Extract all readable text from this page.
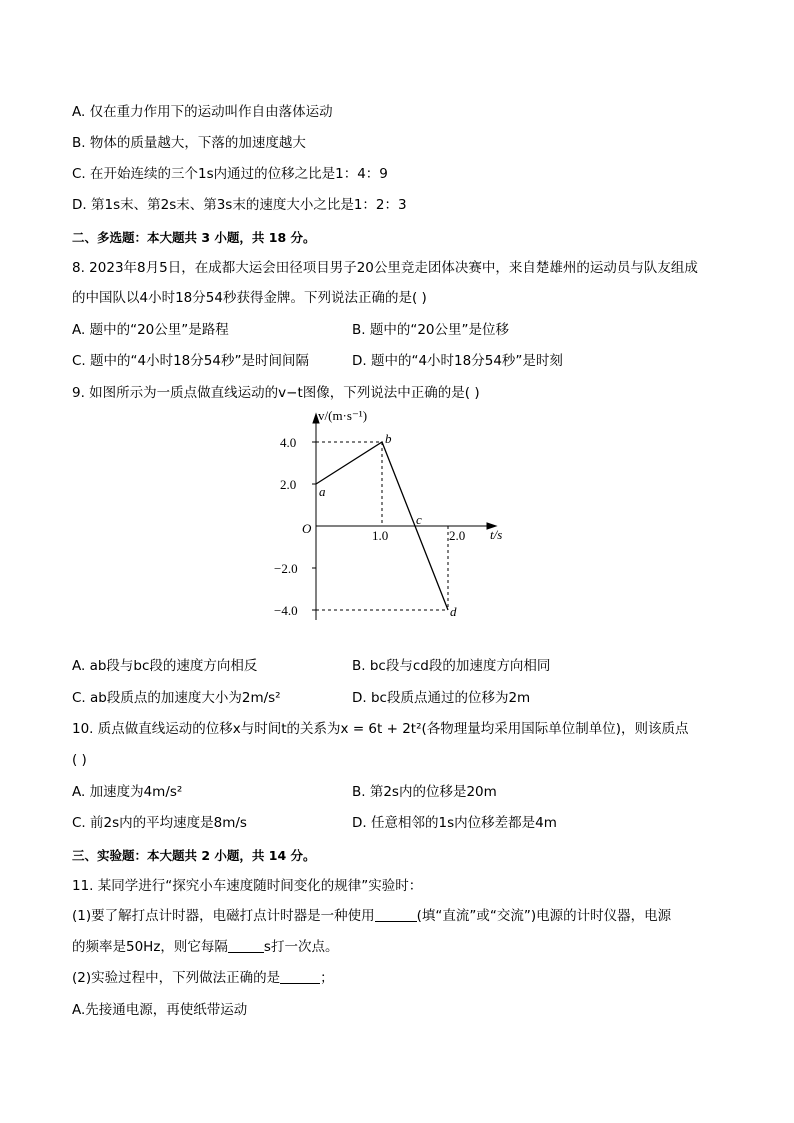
A. 仅在重力作用下的运动叫作自由落体运动
B. 物体的质量越大，下落的加速度越大
C. 在开始连续的三个1s内通过的位移之比是1：4：9
D. 第1s末、第2s末、第3s末的速度大小之比是1：2：3
二、多选题：本大题共 3 小题，共 18 分。
8. 2023年8月5日，在成都大运会田径项目男子20公里竞走团体决赛中，来自楚雄州的运动员与队友组成
的中国队以4小时18分54秒获得金牌。下列说法正确的是( )
A. 题中的“20公里”是路程	B. 题中的“20公里”是位移
C. 题中的“4小时18分54秒”是时间间隔	D. 题中的“4小时18分54秒”是时刻
9. 如图所示为一质点做直线运动的v−t图像，下列说法中正确的是( )
v/(m·s⁻¹)
t/s
O
4.0
2.0
−2.0
−4.0
1.0	2.0
a
b
c
d
A. ab段与bc段的速度方向相反	B. bc段与cd段的加速度方向相同
C. ab段质点的加速度大小为2m/s²	D. bc段质点通过的位移为2m
10. 质点做直线运动的位移x与时间t的关系为x = 6t + 2t²(各物理量均采用国际单位制单位)，则该质点
( )
A. 加速度为4m/s²	B. 第2s内的位移是20m
C. 前2s内的平均速度是8m/s	D. 任意相邻的1s内位移差都是4m
三、实验题：本大题共 2 小题，共 14 分。
11. 某同学进行“探究小车速度随时间变化的规律”实验时：
(1)要了解打点计时器，电磁打点计时器是一种使用	(填“直流”或“交流”)电源的计时仪器，电源
的频率是50Hz，则它每隔	s打一次点。
(2)实验过程中，下列做法正确的是	；
A.先接通电源，再使纸带运动
